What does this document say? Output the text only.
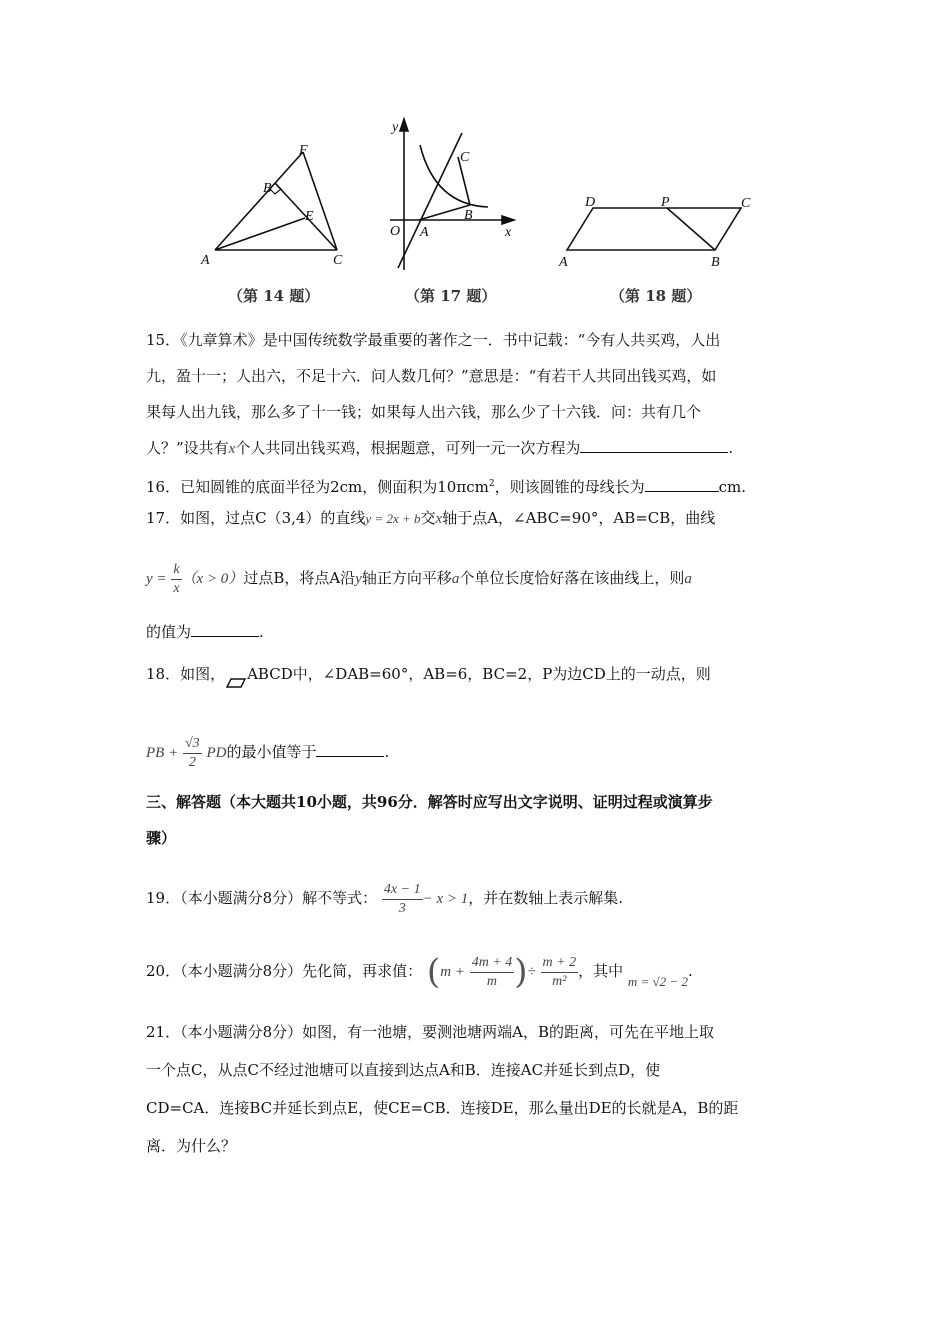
A
B
C
E
F
（第 14 题）
y
x
O A
B
C
（第 17 题）
A	B
C
D	P
（第 18 题）
15．《九章算术》是中国传统数学最重要的著作之一．书中记载：“今有人共买鸡，人出
九，盈十一；人出六，不足十六．问人数几何？”意思是：“有若干人共同出钱买鸡，如
果每人出九钱，那么多了十一钱；如果每人出六钱，那么少了十六钱．问：共有几个
人？”设共有x个人共同出钱买鸡，根据题意，可列一元一次方程为	.
16．已知圆锥的底面半径为2cm，侧面积为10πcm$^2$，则该圆锥的母线长为	cm.
17．如图，过点C（3,4）的直线y = 2x + b交x轴于点A，∠ABC=90°，AB=CB，曲线
$y = \frac{k}{x} (x > 0)$过点B，将点A沿y轴正方向平移a个单位长度恰好落在该曲线上，则a
的值为	.
18．如图， ABCD中，∠DAB=60°，AB=6，BC=2，P为边CD上的一动点，则
PB + $\frac{√3}{2}$ PD的最小值等于	.
三、解答题（本大题共10小题，共96分．解答时应写出文字说明、证明过程或演算步
骤）
19．（本小题满分8分）解不等式： $\frac{4x - 1}{3} - x > 1$，并在数轴上表示解集.
20．（本小题满分8分）先化简，再求值： ($m + \frac{4m + 4}{m}$ )÷ $\frac{m + 2}{\text{m²}}$ ，其中 m = √2 − 2.
21．（本小题满分8分）如图，有一池塘，要测池塘两端A，B的距离，可先在平地上取
一个点C，从点C不经过池塘可以直接到达点A和B．连接AC并延长到点D，使
CD=CA．连接BC并延长到点E，使CE=CB．连接DE，那么量出DE的长就是A，B的距
离．为什么？
